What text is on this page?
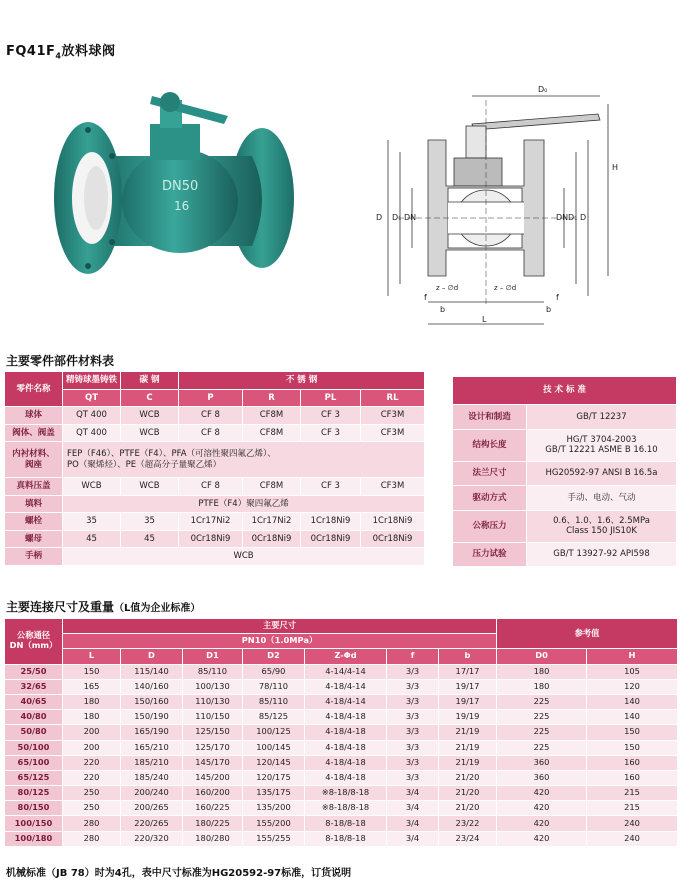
$FQ41F_4$放料球阀
DN50
16
D₀
D D₁ DN	DN D₁ D
H
z – ∅d	z – ∅d
f	f
b	b
L
主要零件部件材料表
零件名称	精铸球墨铸铁	碳 钢	不 锈 钢			
	QT	C	P	R	PL	RL
球体	QT 400	WCB	CF 8	CF8M	CF 3	CF3M
阀体、阀盖	QT 400	WCB	CF 8	CF8M	CF 3	CF3M
内衬材料、
阀座	FEP（F46）、PTFE（F4）、PFA（可溶性聚四氟乙烯）、
PO（聚烯烃）、PE（超高分子量聚乙烯）					
真料压盖	WCB	WCB	CF 8	CF8M	CF 3	CF3M
填料	PTFE（F4）聚四氟乙烯					
螺栓	35	35	1Cr17Ni2	1Cr17Ni2	1Cr18Ni9	1Cr18Ni9
螺母	45	45	0Cr18Ni9	0Cr18Ni9	0Cr18Ni9	0Cr18Ni9
手柄	WCB					
技 术 标 准	
设计和制造	GB/T 12237
结构长度	HG/T 3704-2003
GB/T 12221 ASME B 16.10
法兰尺寸	HG20592-97 ANSI B 16.5a
驱动方式	手动、电动、气动
公称压力	0.6、1.0、1.6、2.5MPa
Class 150 JIS10K
压力试验	GB/T 13927-92 API598
主要连接尺寸及重量（L值为企业标准）
公称通径
DN（mm）	主要尺寸							参考值	
	PN10（1.0MPa）								
	L	D	D1	D2	Z-Φd	f	b	D0	H
25/50	150	115/140	85/110	65/90	4-14/4-14	3/3	17/17	180	105
32/65	165	140/160	100/130	78/110	4-18/4-14	3/3	19/17	180	120
40/65	180	150/160	110/130	85/110	4-18/4-14	3/3	19/17	225	140
40/80	180	150/190	110/150	85/125	4-18/4-18	3/3	19/19	225	140
50/80	200	165/190	125/150	100/125	4-18/4-18	3/3	21/19	225	150
50/100	200	165/210	125/170	100/145	4-18/4-18	3/3	21/19	225	150
65/100	220	185/210	145/170	120/145	4-18/4-18	3/3	21/19	360	160
65/125	220	185/240	145/200	120/175	4-18/4-18	3/3	21/20	360	160
80/125	250	200/240	160/200	135/175	※8-18/8-18	3/4	21/20	420	215
80/150	250	200/265	160/225	135/200	※8-18/8-18	3/4	21/20	420	215
100/150	280	220/265	180/225	155/200	8-18/8-18	3/4	23/22	420	240
100/180	280	220/320	180/280	155/255	8-18/8-18	3/4	23/24	420	240
机械标准（JB 78）时为4孔，表中尺寸标准为HG20592-97标准，订货说明
